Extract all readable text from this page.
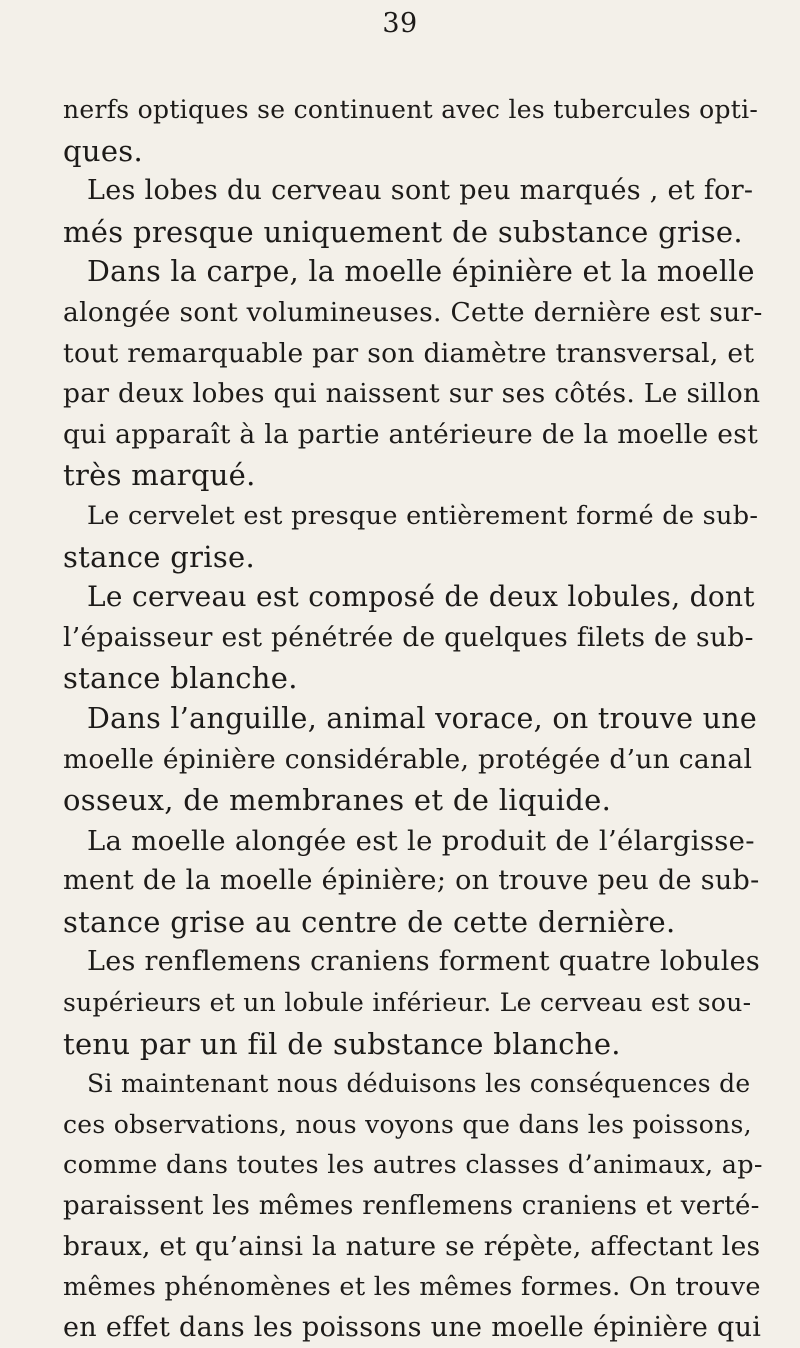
39
nerfs optiques se continuent avec les tubercules opti-
ques.
Les lobes du cerveau sont peu marqués , et for-
més presque uniquement de substance grise.
Dans la carpe, la moelle épinière et la moelle
alongée sont volumineuses. Cette dernière est sur-
tout remarquable par son diamètre transversal, et
par deux lobes qui naissent sur ses côtés. Le sillon
qui apparaît à la partie antérieure de la moelle est
très marqué.
Le cervelet est presque entièrement formé de sub-
stance grise.
Le cerveau est composé de deux lobules, dont
l’épaisseur est pénétrée de quelques filets de sub-
stance blanche.
Dans l’anguille, animal vorace, on trouve une
moelle épinière considérable, protégée d’un canal
osseux, de membranes et de liquide.
La moelle alongée est le produit de l’élargisse-
ment de la moelle épinière; on trouve peu de sub-
stance grise au centre de cette dernière.
Les renflemens craniens forment quatre lobules
supérieurs et un lobule inférieur. Le cerveau est sou-
tenu par un fil de substance blanche.
Si maintenant nous déduisons les conséquences de
ces observations, nous voyons que dans les poissons,
comme dans toutes les autres classes d’animaux, ap-
paraissent les mêmes renflemens craniens et verté-
braux, et qu’ainsi la nature se répète, affectant les
mêmes phénomènes et les mêmes formes. On trouve
en effet dans les poissons une moelle épinière qui
